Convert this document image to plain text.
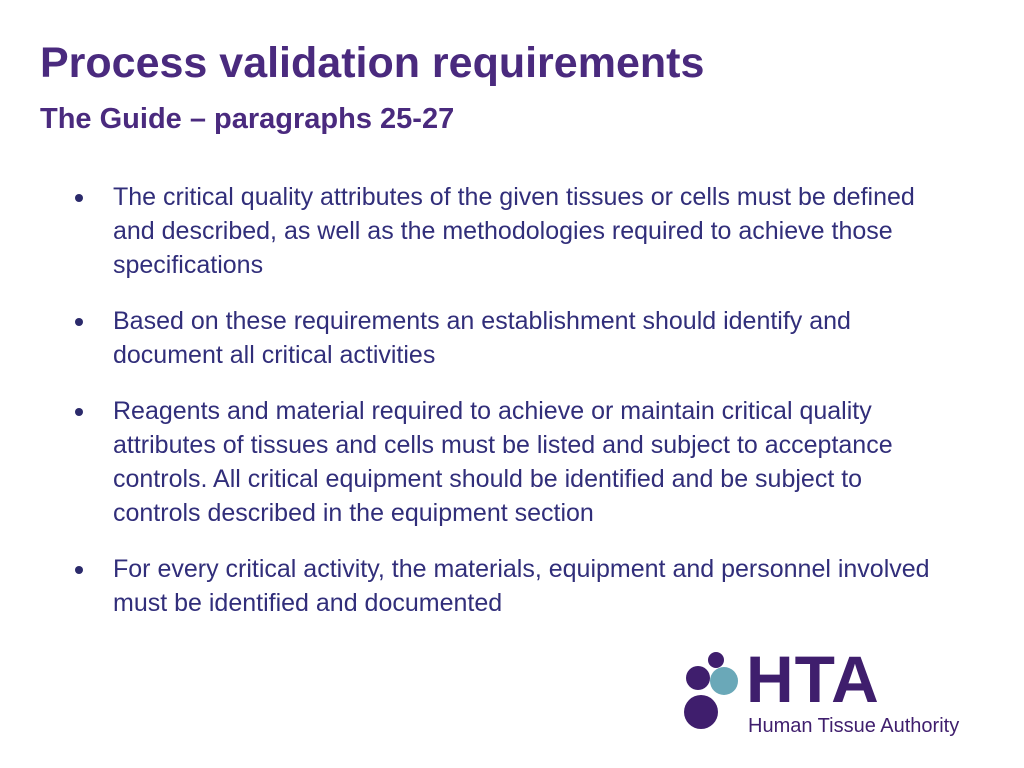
Process validation requirements
The Guide – paragraphs 25-27
The critical quality attributes of the given tissues or cells must be defined and described, as well as the methodologies required to achieve those specifications
Based on these requirements an establishment should identify and document all critical activities
Reagents and material required to achieve or maintain critical quality attributes of tissues and cells must be listed and subject to acceptance controls. All critical equipment should be identified and be subject to controls described in the equipment section
For every critical activity, the materials, equipment and personnel involved must be identified and documented
HTA
Human Tissue Authority
